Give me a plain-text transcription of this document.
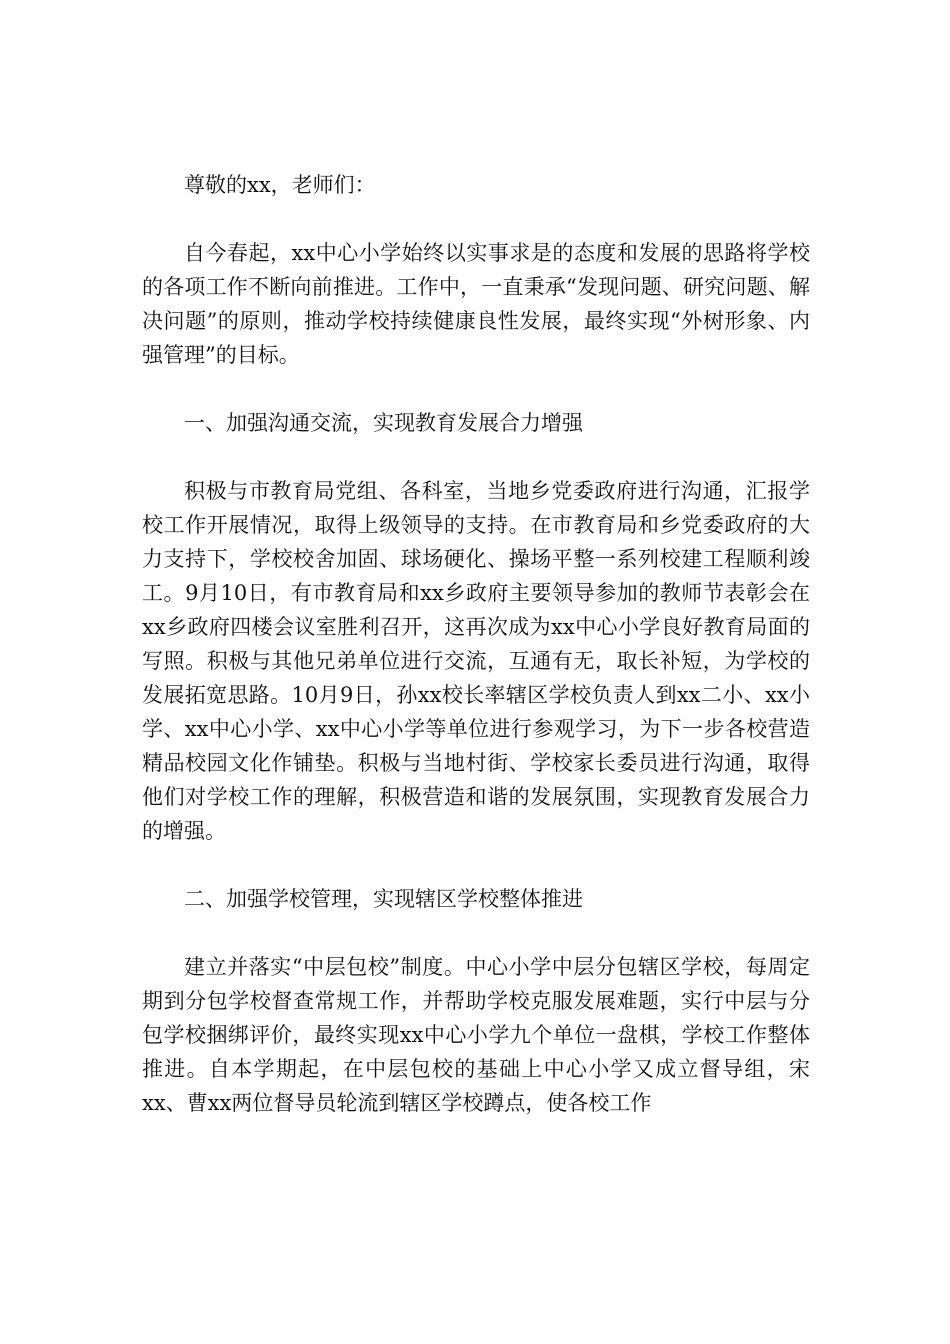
尊敬的xx，老师们：

自今春起，xx中心小学始终以实事求是的态度和发展的思路将学校的各项工作不断向前推进。工作中，一直秉承“发现问题、研究问题、解决问题”的原则，推动学校持续健康良性发展，最终实现“外树形象、内强管理”的目标。

一、加强沟通交流，实现教育发展合力增强

积极与市教育局党组、各科室，当地乡党委政府进行沟通，汇报学校工作开展情况，取得上级领导的支持。在市教育局和乡党委政府的大力支持下，学校校舍加固、球场硬化、操场平整一系列校建工程顺利竣工。9月10日，有市教育局和xx乡政府主要领导参加的教师节表彰会在xx乡政府四楼会议室胜利召开，这再次成为xx中心小学良好教育局面的写照。积极与其他兄弟单位进行交流，互通有无，取长补短，为学校的发展拓宽思路。10月9日，孙xx校长率辖区学校负责人到xx二小、xx小学、xx中心小学、xx中心小学等单位进行参观学习，为下一步各校营造精品校园文化作铺垫。积极与当地村街、学校家长委员进行沟通，取得他们对学校工作的理解，积极营造和谐的发展氛围，实现教育发展合力的增强。

二、加强学校管理，实现辖区学校整体推进

建立并落实“中层包校”制度。中心小学中层分包辖区学校，每周定期到分包学校督查常规工作，并帮助学校克服发展难题，实行中层与分包学校捆绑评价，最终实现xx中心小学九个单位一盘棋，学校工作整体推进。自本学期起，在中层包校的基础上中心小学又成立督导组，宋xx、曹xx两位督导员轮流到辖区学校蹲点，使各校工作
